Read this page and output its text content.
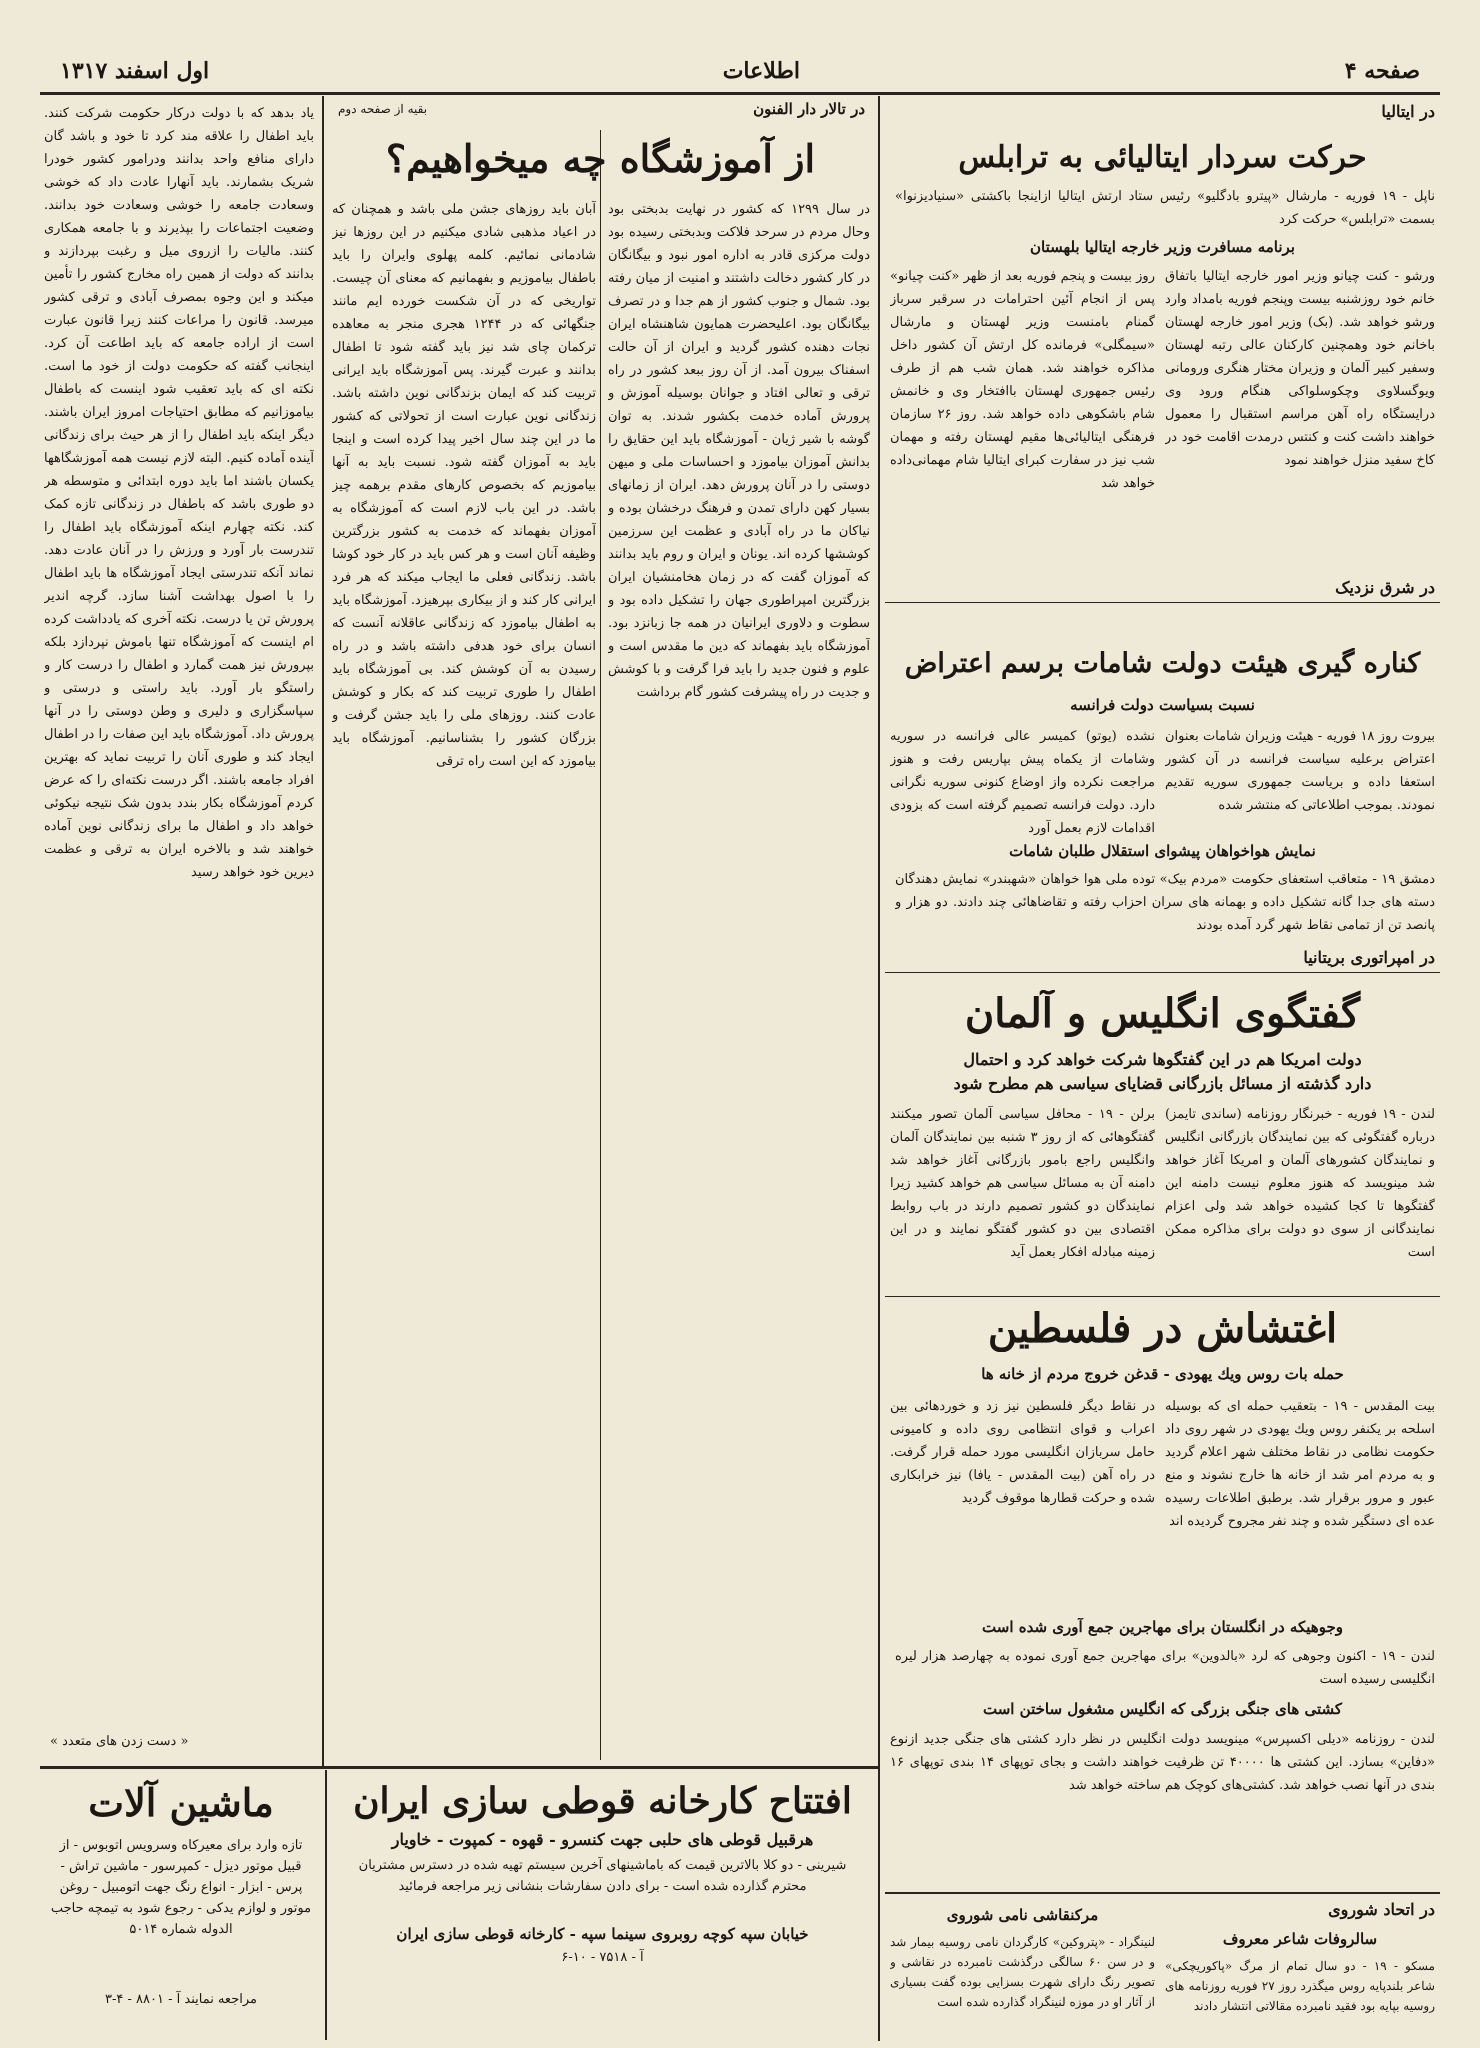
صفحه ۴
اطلاعات
اول اسفند ۱۳۱۷
در ایتالیا
حرکت سردار ایتالیائی به ترابلس
ناپل - ۱۹ فوریه - مارشال «پیترو بادگلیو» رئیس ستاد ارتش ایتالیا ازاینجا باکشتی «سنیادیزنوا» بسمت «ترابلس» حرکت کرد
برنامه مسافرت وزیر خارجه ایتالیا بلهستان
ورشو - کنت چیانو وزیر امور خارجه ایتالیا باتفاق خانم خود روزشنبه بیست وپنجم فوریه بامداد وارد ورشو خواهد شد. (بک) وزیر امور خارجه لهستان باخانم خود وهمچنین کارکنان عالی رتبه لهستان وسفیر کبیر آلمان و وزیران مختار هنگری ورومانی ویوگسلاوی وچکوسلواکی هنگام ورود وی درایستگاه راه آهن مراسم استقبال را معمول خواهند داشت کنت و کنتس درمدت اقامت خود در کاخ سفید منزل خواهند نمود
روز بیست و پنجم فوریه بعد از ظهر «کنت چیانو» پس از انجام آئین احترامات در سرقبر سرباز گمنام بامنست وزیر لهستان و مارشال «سیمگلی» فرمانده کل ارتش آن کشور داخل مذاکره خواهند شد. همان شب هم از طرف رئیس جمهوری لهستان باافتخار وی و خانمش شام باشکوهی داده خواهد شد. روز ۲۶ سازمان فرهنگی ایتالیائی‌ها مقیم لهستان رفته و مهمان شب نیز در سفارت کبرای ایتالیا شام مهمانی‌داده خواهد شد
در شرق نزدیک
کناره گیری هیئت دولت شامات برسم اعتراض
نسبت بسیاست دولت فرانسه
بیروت روز ۱۸ فوریه - هیئت وزیران شامات بعنوان اعتراض برعلیه سیاست فرانسه در آن کشور استعفا داده و بریاست جمهوری سوریه تقدیم نمودند. بموجب اطلاعاتی که منتشر شده
نشده (یوتو) کمیسر عالی فرانسه در سوریه وشامات از یکماه پیش بپاریس رفت و هنوز مراجعت نکرده واز اوضاع کنونی سوریه نگرانی دارد. دولت فرانسه تصمیم گرفته است که بزودی اقدامات لازم بعمل آورد
نمایش هواخواهان پیشوای استقلال طلبان شامات
دمشق ۱۹ - متعاقب استعفای حکومت «مردم بیک» توده ملی هوا خواهان «شهبندر» نمایش دهندگان دسته های جدا گانه تشکیل داده و بهمانه های سران احزاب رفته و تقاضاهائی چند دادند. دو هزار و پانصد تن از تمامی نقاط شهر گرد آمده بودند
در امپراتوری بریتانیا
گفتگوی انگلیس و آلمان
دولت امریکا هم در این گفتگوها شرکت خواهد کرد و احتمال
دارد گذشته از مسائل بازرگانی قضایای سیاسی هم مطرح شود
لندن - ۱۹ فوریه - خبرنگار روزنامه (ساندی تایمز) درباره گفتگوئی که بین نمایندگان بازرگانی انگلیس و نمایندگان کشورهای آلمان و امریکا آغاز خواهد شد مینویسد که هنوز معلوم نیست دامنه این گفتگوها تا کجا کشیده خواهد شد ولی اعزام نمایندگانی از سوی دو دولت برای مذاکره ممکن است
برلن - ۱۹ - محافل سیاسی آلمان تصور میکنند گفتگوهائی که از روز ۳ شنبه بین نمایندگان آلمان وانگلیس راجع بامور بازرگانی آغاز خواهد شد دامنه آن به مسائل سیاسی هم خواهد کشید زیرا نمایندگان دو کشور تصمیم دارند در باب روابط اقتصادی بین دو کشور گفتگو نمایند و در این زمینه مبادله افکار بعمل آید
اغتشاش در فلسطین
حمله بات روس ویك یهودی - قدغن خروج مردم از خانه ها
بیت المقدس - ۱۹ - بتعقیب حمله ای که بوسیله اسلحه بر یکنفر روس ویك یهودی در شهر روی داد حکومت نظامی در نقاط مختلف شهر اعلام گردید و به مردم امر شد از خانه ها خارج نشوند و منع عبور و مرور برقرار شد. برطبق اطلاعات رسیده عده ای دستگیر شده و چند نفر مجروح گردیده اند
در نقاط دیگر فلسطین نیز زد و خوردهائی بین اعراب و قوای انتظامی روی داده و کامیونی حامل سربازان انگلیسی مورد حمله قرار گرفت. در راه آهن (بیت المقدس - یافا) نیز خرابکاری شده و حرکت قطارها موقوف گردید
وجوهیکه در انگلستان برای مهاجرین جمع آوری شده است
لندن - ۱۹ - اکنون وجوهی که لرد «بالدوین» برای مهاجرین جمع آوری نموده به چهارصد هزار لیره انگلیسی رسیده است
کشتی های جنگی بزرگی که انگلیس مشغول ساختن است
لندن - روزنامه «دیلی اکسپرس» مینویسد دولت انگلیس در نظر دارد کشتی های جنگی جدید ازنوع «دفاین» بسازد. این کشتی ها ۴۰۰۰۰ تن ظرفیت خواهند داشت و بجای توپهای ۱۴ بندی توپهای ۱۶ بندی در آنها نصب خواهد شد. کشتی‌های کوچک هم ساخته خواهد شد
در اتحاد شوروی
سالروفات شاعر معروف
مسکو - ۱۹ - دو سال تمام از مرگ «پاکوریچکی» شاعر بلندپایه روس میگذرد روز ۲۷ فوریه روزنامه های روسیه بپایه بود فقید نامبرده مقالاتی انتشار دادند
مرکنقاشی نامی شوروی
لنینگراد - «پتروکین» کارگردان نامی روسیه بیمار شد و در سن ۶۰ سالگی درگذشت نامبرده در نقاشی و تصویر رنگ دارای شهرت بسزایی بوده گفت بسیاری از آثار او در موزه لنینگراد گذارده شده است
در تالار دار الفنون
بقیه از صفحه دوم
از آموزشگاه چه میخواهیم؟
در سال ۱۲۹۹ که کشور در نهایت بدبختی بود وحال مردم در سرحد فلاکت وبدبختی رسیده بود دولت مرکزی قادر به اداره امور نبود و بیگانگان در کار کشور دخالت داشتند و امنیت از میان رفته بود. شمال و جنوب کشور از هم جدا و در تصرف بیگانگان بود. اعلیحضرت همایون شاهنشاه ایران نجات دهنده کشور گردید و ایران از آن حالت اسفناک بیرون آمد. از آن روز ببعد کشور در راه ترقی و تعالی افتاد و جوانان بوسیله آموزش و پرورش آماده خدمت بکشور شدند. به توان گوشه با شیر ژیان - آموزشگاه باید این حقایق را بدانش آموزان بیاموزد و احساسات ملی و میهن دوستی را در آنان پرورش دهد. ایران از زمانهای بسیار کهن دارای تمدن و فرهنگ درخشان بوده و نیاکان ما در راه آبادی و عظمت این سرزمین کوششها کرده اند. یونان و ایران و روم باید بدانند که آموزان گفت که در زمان هخامنشیان ایران بزرگترین امپراطوری جهان را تشکیل داده بود و سطوت و دلاوری ایرانیان در همه جا زبانزد بود. آموزشگاه باید بفهماند که دین ما مقدس است و علوم و فنون جدید را باید فرا گرفت و با کوشش و جدیت در راه پیشرفت کشور گام برداشت
آبان باید روزهای جشن ملی باشد و همچنان که در اعیاد مذهبی شادی میکنیم در این روزها نیز شادمانی نمائیم. کلمه پهلوی وایران را باید باطفال بیاموزیم و بفهمانیم که معنای آن چیست. تواریخی که در آن شکست خورده ایم مانند جنگهائی که در ۱۲۴۴ هجری منجر به معاهده ترکمان چای شد نیز باید گفته شود تا اطفال بدانند و عبرت گیرند. پس آموزشگاه باید ایرانی تربیت کند که ایمان بزندگانی نوین داشته باشد. زندگانی نوین عبارت است از تحولاتی که کشور ما در این چند سال اخیر پیدا کرده است و اینجا باید به آموزان گفته شود. نسبت باید به آنها بیاموزیم که بخصوص کارهای مقدم برهمه چیز باشد. در این باب لازم است که آموزشگاه به آموزان بفهماند که خدمت به کشور بزرگترین وظیفه آنان است و هر کس باید در کار خود کوشا باشد. زندگانی فعلی ما ایجاب میکند که هر فرد ایرانی کار کند و از بیکاری بپرهیزد. آموزشگاه باید به اطفال بیاموزد که زندگانی عاقلانه آنست که انسان برای خود هدفی داشته باشد و در راه رسیدن به آن کوشش کند. بی آموزشگاه باید اطفال را طوری تربیت کند که بکار و کوشش عادت کنند. روزهای ملی را باید جشن گرفت و بزرگان کشور را بشناسانیم. آموزشگاه باید بیاموزد که این است راه ترقی
یاد بدهد که با دولت درکار حکومت شرکت کنند. باید اطفال را علاقه مند کرد تا خود و باشد گان دارای منافع واحد بدانند ودرامور کشور خودرا شریک بشمارند. باید آنهارا عادت داد که خوشی وسعادت جامعه را خوشی وسعادت خود بدانند. وضعیت اجتماعات را بپذیرند و با جامعه همکاری کنند. مالیات را ازروی میل و رغبت بپردازند و بدانند که دولت از همین راه مخارج کشور را تأمین میکند و این وجوه بمصرف آبادی و ترقی کشور میرسد. قانون را مراعات کنند زیرا قانون عبارت است از اراده جامعه که باید اطاعت آن کرد. اینجانب گفته که حکومت دولت از خود ما است. نکته ای که باید تعقیب شود اینست که باطفال بیاموزانیم که مطابق احتیاجات امروز ایران باشند. دیگر اینکه باید اطفال را از هر حیث برای زندگانی آینده آماده کنیم. البته لازم نیست همه آموزشگاهها یکسان باشند اما باید دوره ابتدائی و متوسطه هر دو طوری باشد که باطفال در زندگانی تازه کمک کند. نکته چهارم اینکه آموزشگاه باید اطفال را تندرست بار آورد و ورزش را در آنان عادت دهد. نماند آنکه تندرستی ایجاد آموزشگاه ها باید اطفال را با اصول بهداشت آشنا سازد. گرچه اندیر پرورش تن یا درست. نکته آخری که یادداشت کرده ام اینست که آموزشگاه تنها باموش نپردازد بلکه بپرورش نیز همت گمارد و اطفال را درست کار و راستگو بار آورد. باید راستی و درستی و سپاسگزاری و دلیری و وطن دوستی را در آنها پرورش داد. آموزشگاه باید این صفات را در اطفال ایجاد کند و طوری آنان را تربیت نماید که بهترین افراد جامعه باشند. اگر درست نکته‌ای را که عرض کردم آموزشگاه بکار بندد بدون شک نتیجه نیکوئی خواهد داد و اطفال ما برای زندگانی نوین آماده خواهند شد و بالاخره ایران به ترقی و عظمت دیرین خود خواهد رسید
« دست زدن های متعدد »
ماشین آلات
تازه وارد برای معیرکاه وسرویس اتوبوس - از قبیل موتور دیزل - کمپرسور - ماشین تراش - پرس - ابزار - انواع رنگ جهت اتومبیل - روغن موتور و لوازم یدکی - رجوع شود به تیمچه حاجب الدوله شماره ۵۰۱۴
مراجعه نمایند آ - ۸۸۰۱ - ۴-۳
افتتاح کارخانه قوطی سازی ایران
هرقبیل قوطی های حلبی جهت کنسرو - قهوه - کمپوت - خاویار
شیرینی - دو کلا بالاترین قیمت که باماشینهای آخرین سیستم تهیه شده در دسترس مشتریان محترم گذارده شده است - برای دادن سفارشات بنشانی زیر مراجعه فرمائید
خیابان سپه کوچه روبروی سینما سپه - کارخانه قوطی سازی ایران
آ - ۷۵۱۸ - ۱۰-۶
